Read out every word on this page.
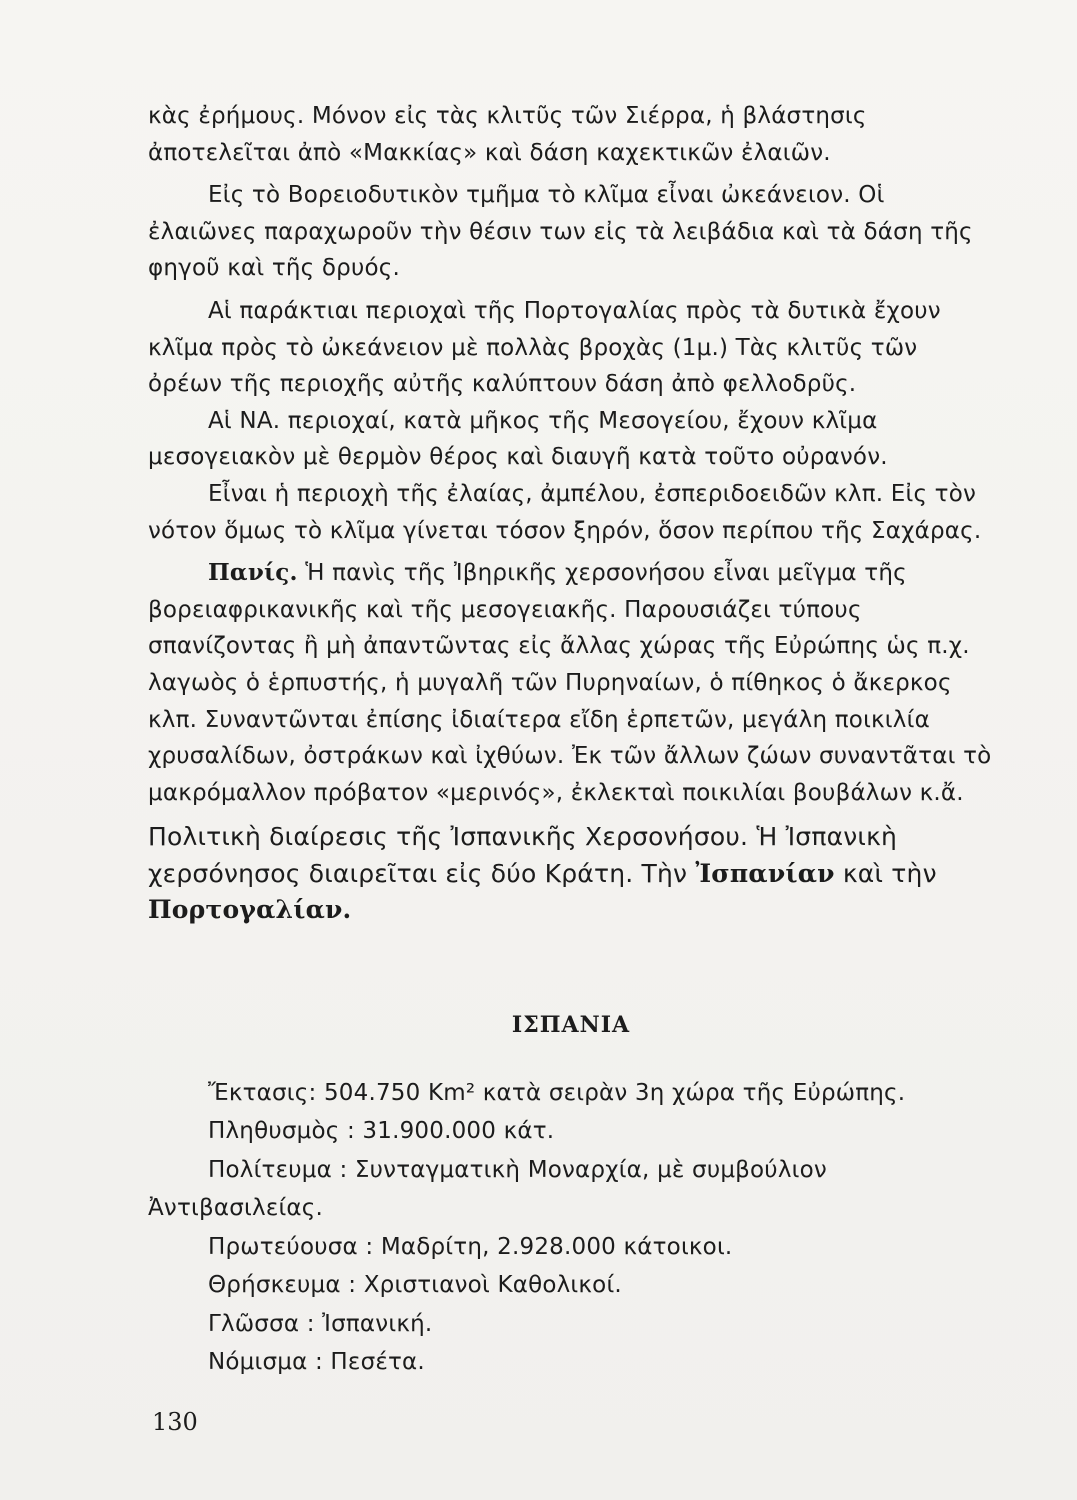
κὰς ἐρήμους. Μόνον εἰς τὰς κλιτῦς τῶν Σιέρρα, ἡ βλάστησις ἀποτελεῖται ἀπὸ «Μακκίας» καὶ δάση καχεκτικῶν ἐλαιῶν.

Εἰς τὸ Βορειοδυτικὸν τμῆμα τὸ κλῖμα εἶναι ὠκεάνειον. Οἱ ἐλαιῶνες παραχωροῦν τὴν θέσιν των εἰς τὰ λειβάδια καὶ τὰ δάση τῆς φηγοῦ καὶ τῆς δρυός.

Αἱ παράκτιαι περιοχαὶ τῆς Πορτογαλίας πρὸς τὰ δυτικὰ ἔχουν κλῖμα πρὸς τὸ ὠκεάνειον μὲ πολλὰς βροχὰς (1μ.) Τὰς κλιτῦς τῶν ὀρέων τῆς περιοχῆς αὐτῆς καλύπτουν δάση ἀπὸ φελλοδρῦς.

Αἱ ΝΑ. περιοχαί, κατὰ μῆκος τῆς Μεσογείου, ἔχουν κλῖμα μεσογειακὸν μὲ θερμὸν θέρος καὶ διαυγῆ κατὰ τοῦτο οὐρανόν.

Εἶναι ἡ περιοχὴ τῆς ἐλαίας, ἀμπέλου, ἐσπεριδοειδῶν κλπ. Εἰς τὸν νότον ὅμως τὸ κλῖμα γίνεται τόσον ξηρόν, ὅσον περίπου τῆς Σαχάρας.

Πανίς. Ἡ πανὶς τῆς Ἰβηρικῆς χερσονήσου εἶναι μεῖγμα τῆς βορειαφρικανικῆς καὶ τῆς μεσογειακῆς. Παρουσιάζει τύπους σπανίζοντας ἢ μὴ ἀπαντῶντας εἰς ἄλλας χώρας τῆς Εὐρώπης ὡς π.χ. λαγωὸς ὁ ἑρπυστής, ἡ μυγαλῆ τῶν Πυρηναίων, ὁ πίθηκος ὁ ἄκερκος κλπ. Συναντῶνται ἐπίσης ἰδιαίτερα εἴδη ἑρπετῶν, μεγάλη ποικιλία χρυσαλίδων, ὀστράκων καὶ ἰχθύων. Ἐκ τῶν ἄλλων ζώων συναντᾶται τὸ μακρόμαλλον πρόβατον «μερινός», ἐκλεκταὶ ποικιλίαι βουβάλων κ.ἄ.

Πολιτικὴ διαίρεσις τῆς Ἰσπανικῆς Χερσονήσου. Ἡ Ἰσπανικὴ χερσόνησος διαιρεῖται εἰς δύο Κράτη. Τὴν Ἰσπανίαν καὶ τὴν Πορτογαλίαν.

ΙΣΠΑΝΙΑ

Ἔκτασις: 504.750 Km² κατὰ σειρὰν 3η χώρα τῆς Εὐρώπης.

Πληθυσμὸς : 31.900.000 κάτ.

Πολίτευμα : Συνταγματικὴ Μοναρχία, μὲ συμβούλιον Ἀντιβασιλείας.

Πρωτεύουσα : Μαδρίτη, 2.928.000 κάτοικοι.

Θρήσκευμα : Χριστιανοὶ Καθολικοί.

Γλῶσσα : Ἰσπανική.

Νόμισμα : Πεσέτα.

130
